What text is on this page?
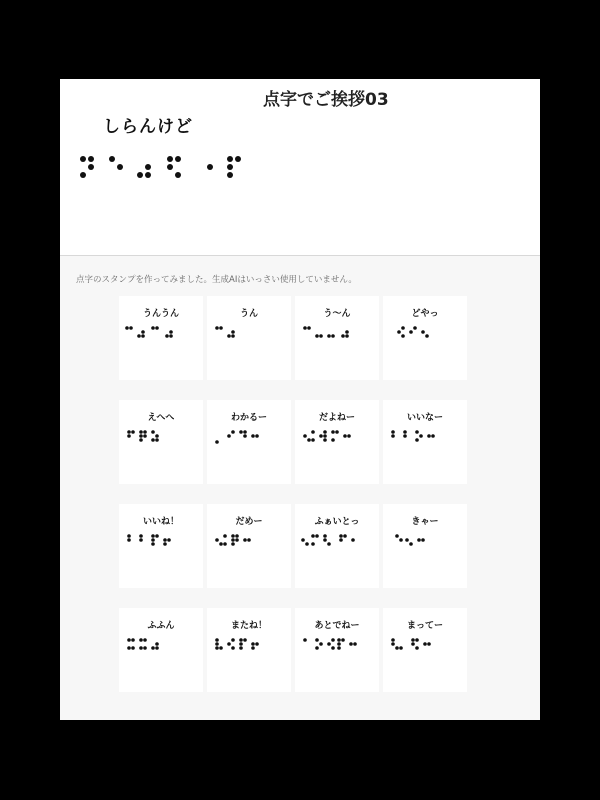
点字でご挨拶03
しらんけど
点字のスタンプを作ってみました。生成AIはいっさい使用していません。
うんうん	うん	う～ん	どやっ
えへへ	わかるー	だよねー	いいなー
いいね！	だめー	ふぁいとっ	きゃー
ふふん	またね！	あとでねー	まってー
